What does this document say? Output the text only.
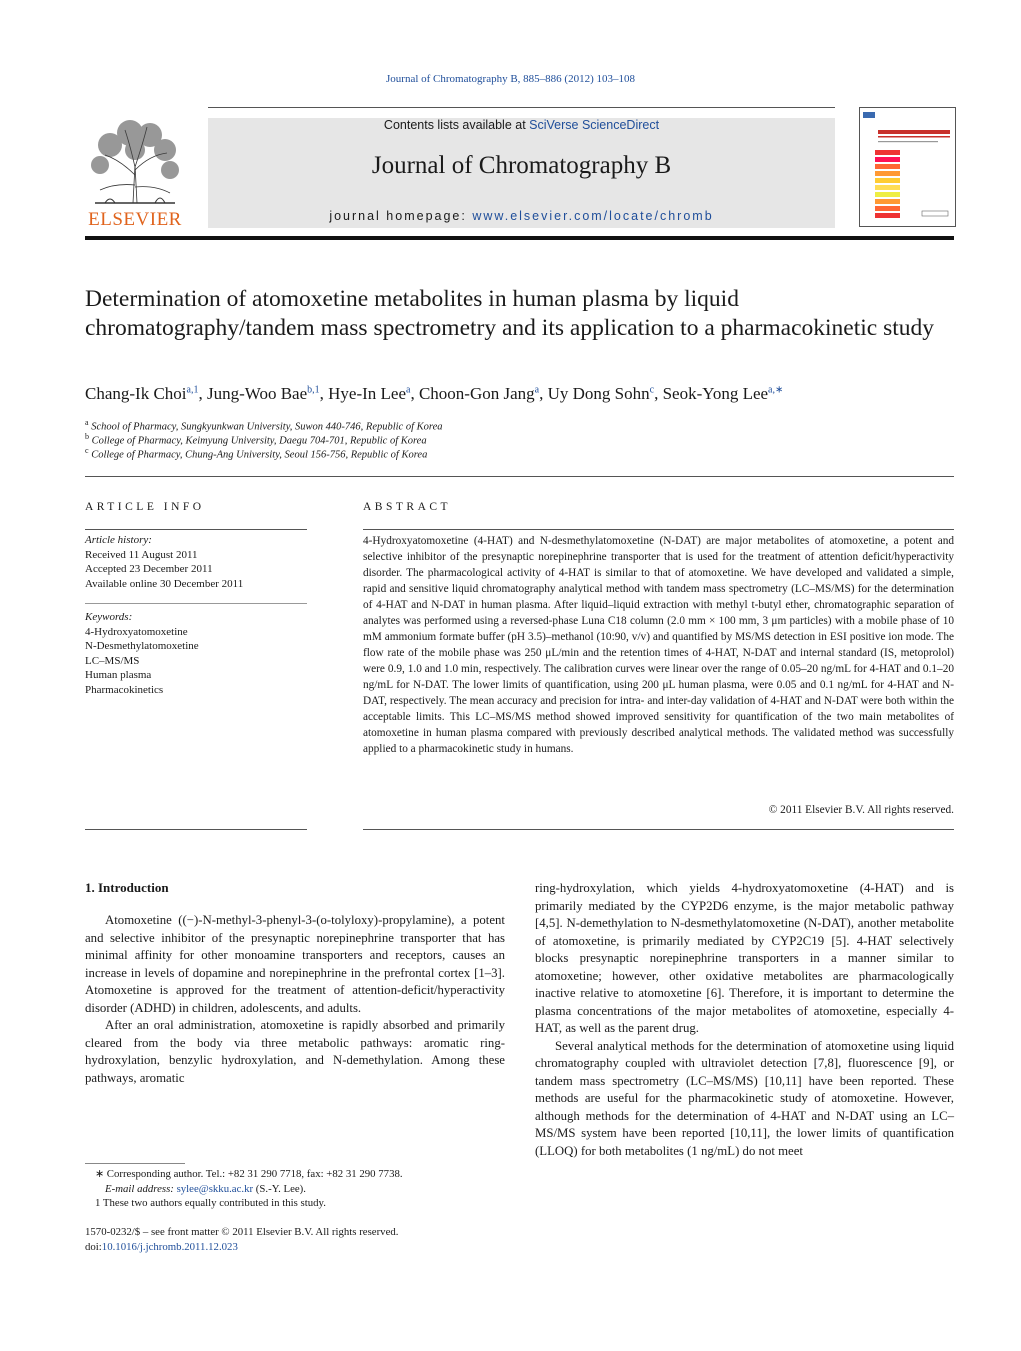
Journal of Chromatography B, 885–886 (2012) 103–108
ELSEVIER
Contents lists available at SciVerse ScienceDirect
Journal of Chromatography B
journal homepage: www.elsevier.com/locate/chromb
Determination of atomoxetine metabolites in human plasma by liquid chromatography/tandem mass spectrometry and its application to a pharmacokinetic study
Chang-Ik Choi$^{a,1}$, Jung-Woo Bae$^{b,1}$, Hye-In Lee$^a$, Choon-Gon Jang$^a$, Uy Dong Sohn$^c$, Seok-Yong Lee$^{a,∗}$
$^a$ School of Pharmacy, Sungkyunkwan University, Suwon 440-746, Republic of Korea
$^b$ College of Pharmacy, Keimyung University, Daegu 704-701, Republic of Korea
$^c$ College of Pharmacy, Chung-Ang University, Seoul 156-756, Republic of Korea
ARTICLE INFO
Article history:
Received 11 August 2011
Accepted 23 December 2011
Available online 30 December 2011
Keywords:
4-Hydroxyatomoxetine
N-Desmethylatomoxetine
LC–MS/MS
Human plasma
Pharmacokinetics
ABSTRACT
4-Hydroxyatomoxetine (4-HAT) and N-desmethylatomoxetine (N-DAT) are major metabolites of atomoxetine, a potent and selective inhibitor of the presynaptic norepinephrine transporter that is used for the treatment of attention deficit/hyperactivity disorder. The pharmacological activity of 4-HAT is similar to that of atomoxetine. We have developed and validated a simple, rapid and sensitive liquid chromatography analytical method with tandem mass spectrometry (LC–MS/MS) for the determination of 4-HAT and N-DAT in human plasma. After liquid–liquid extraction with methyl t-butyl ether, chromatographic separation of analytes was performed using a reversed-phase Luna C18 column (2.0 mm × 100 mm, 3 μm particles) with a mobile phase of 10 mM ammonium formate buffer (pH 3.5)–methanol (10:90, v/v) and quantified by MS/MS detection in ESI positive ion mode. The flow rate of the mobile phase was 250 μL/min and the retention times of 4-HAT, N-DAT and internal standard (IS, metoprolol) were 0.9, 1.0 and 1.0 min, respectively. The calibration curves were linear over the range of 0.05–20 ng/mL for 4-HAT and 0.1–20 ng/mL for N-DAT. The lower limits of quantification, using 200 μL human plasma, were 0.05 and 0.1 ng/mL for 4-HAT and N-DAT, respectively. The mean accuracy and precision for intra- and inter-day validation of 4-HAT and N-DAT were both within the acceptable limits. This LC–MS/MS method showed improved sensitivity for quantification of the two main metabolites of atomoxetine in human plasma compared with previously described analytical methods. The validated method was successfully applied to a pharmacokinetic study in humans.
© 2011 Elsevier B.V. All rights reserved.
1. Introduction

Atomoxetine ((−)-N-methyl-3-phenyl-3-(o-tolyloxy)-propylamine), a potent and selective inhibitor of the presynaptic norepinephrine transporter that has minimal affinity for other monoamine transporters and receptors, causes an increase in levels of dopamine and norepinephrine in the prefrontal cortex [1–3]. Atomoxetine is approved for the treatment of attention-deficit/hyperactivity disorder (ADHD) in children, adolescents, and adults.

After an oral administration, atomoxetine is rapidly absorbed and primarily cleared from the body via three metabolic pathways: aromatic ring-hydroxylation, benzylic hydroxylation, and N-demethylation. Among these pathways, aromatic

ring-hydroxylation, which yields 4-hydroxyatomoxetine (4-HAT) and is primarily mediated by the CYP2D6 enzyme, is the major metabolic pathway [4,5]. N-demethylation to N-desmethylatomoxetine (N-DAT), another metabolite of atomoxetine, is primarily mediated by CYP2C19 [5]. 4-HAT selectively blocks presynaptic norepinephrine transporters in a manner similar to atomoxetine; however, other oxidative metabolites are pharmacologically inactive relative to atomoxetine [6]. Therefore, it is important to determine the plasma concentrations of the major metabolites of atomoxetine, especially 4-HAT, as well as the parent drug.

Several analytical methods for the determination of atomoxetine using liquid chromatography coupled with ultraviolet detection [7,8], fluorescence [9], or tandem mass spectrometry (LC–MS/MS) [10,11] have been reported. These methods are useful for the pharmacokinetic study of atomoxetine. However, although methods for the determination of 4-HAT and N-DAT using an LC–MS/MS system have been reported [10,11], the lower limits of quantification (LLOQ) for both metabolites (1 ng/mL) do not meet

∗ Corresponding author. Tel.: +82 31 290 7718, fax: +82 31 290 7738.
E-mail address: sylee@skku.ac.kr (S.-Y. Lee).
1 These two authors equally contributed in this study.
1570-0232/$ – see front matter © 2011 Elsevier B.V. All rights reserved.
doi:10.1016/j.jchromb.2011.12.023
